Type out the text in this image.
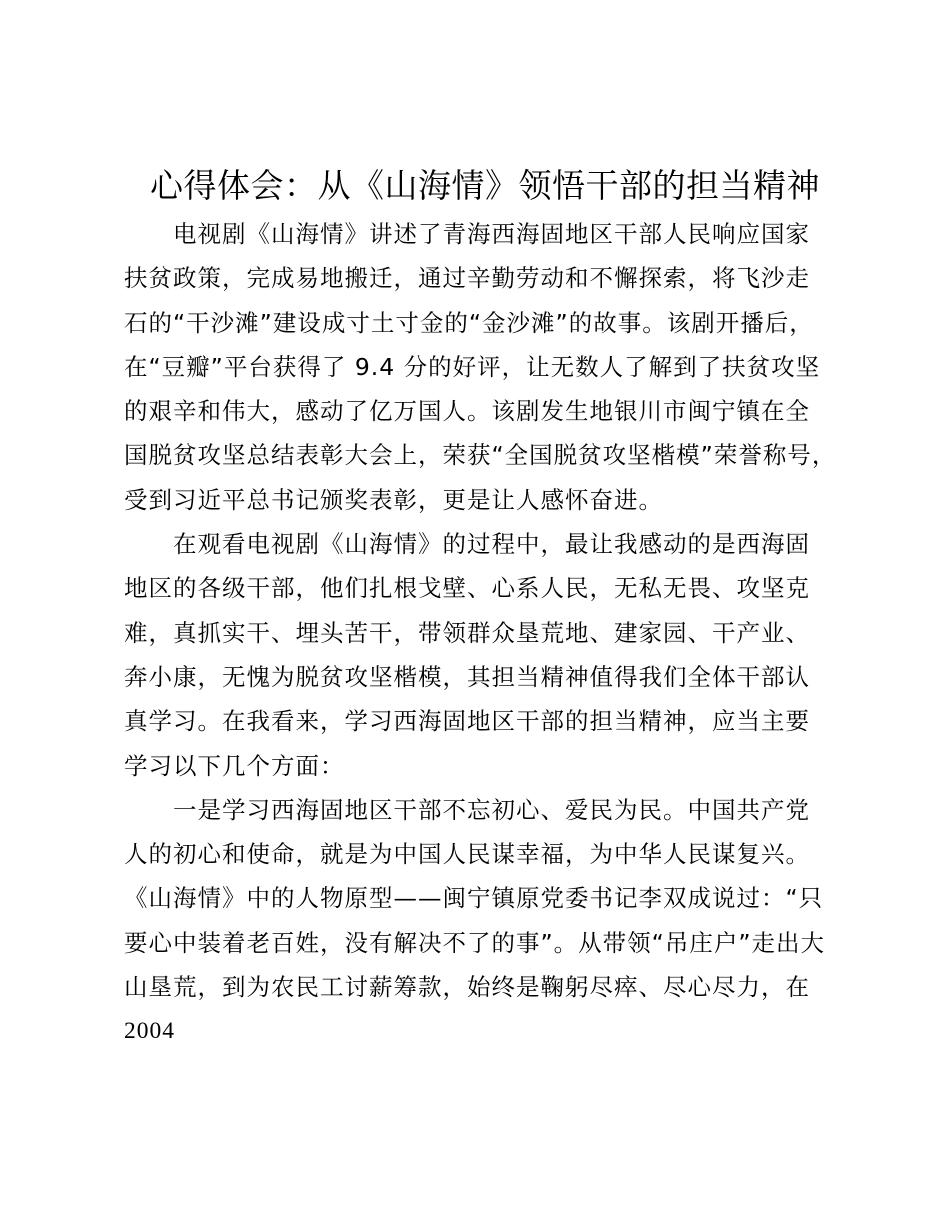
心得体会：从《山海情》领悟干部的担当精神
电视剧《山海情》讲述了青海西海固地区干部人民响应国家
扶贫政策，完成易地搬迁，通过辛勤劳动和不懈探索，将飞沙走
石的“干沙滩”建设成寸土寸金的“金沙滩”的故事。该剧开播后，
在“豆瓣”平台获得了 9.4 分的好评，让无数人了解到了扶贫攻坚
的艰辛和伟大，感动了亿万国人。该剧发生地银川市闽宁镇在全
国脱贫攻坚总结表彰大会上，荣获“全国脱贫攻坚楷模”荣誉称号，
受到习近平总书记颁奖表彰，更是让人感怀奋进。
在观看电视剧《山海情》的过程中，最让我感动的是西海固
地区的各级干部，他们扎根戈壁、心系人民，无私无畏、攻坚克
难，真抓实干、埋头苦干，带领群众垦荒地、建家园、干产业、
奔小康，无愧为脱贫攻坚楷模，其担当精神值得我们全体干部认
真学习。在我看来，学习西海固地区干部的担当精神，应当主要
学习以下几个方面：
一是学习西海固地区干部不忘初心、爱民为民。中国共产党
人的初心和使命，就是为中国人民谋幸福，为中华人民谋复兴。
《山海情》中的人物原型——闽宁镇原党委书记李双成说过：“只
要心中装着老百姓，没有解决不了的事”。从带领“吊庄户”走出大
山垦荒，到为农民工讨薪筹款，始终是鞠躬尽瘁、尽心尽力，在
2004
